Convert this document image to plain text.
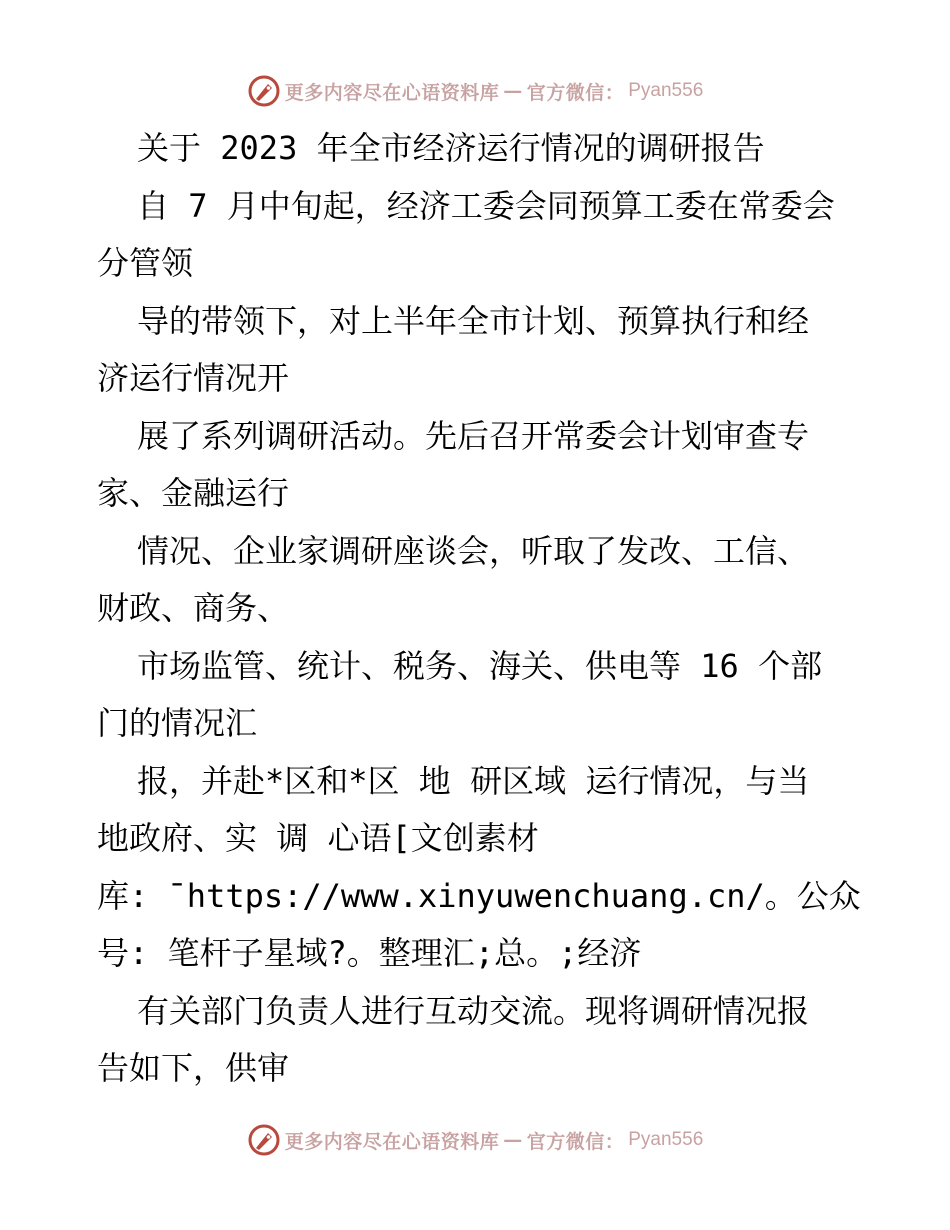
更多内容尽在心语资料库 — 官方微信： Pyan556
关于 2023 年全市经济运行情况的调研报告
自 7 月中旬起，经济工委会同预算工委在常委会
分管领
导的带领下，对上半年全市计划、预算执行和经
济运行情况开
展了系列调研活动。先后召开常委会计划审查专
家、金融运行
情况、企业家调研座谈会，听取了发改、工信、
财政、商务、
市场监管、统计、税务、海关、供电等 16 个部
门的情况汇
报，并赴*区和*区 地 研区域 运行情况，与当
地政府、实 调 心语[文创素材
库: ¯https://www.xinyuwenchuang.cn/。公众
号: 笔杆子星域?。整理汇;总。;经济
有关部门负责人进行互动交流。现将调研情况报
告如下，供审
更多内容尽在心语资料库 — 官方微信： Pyan556
